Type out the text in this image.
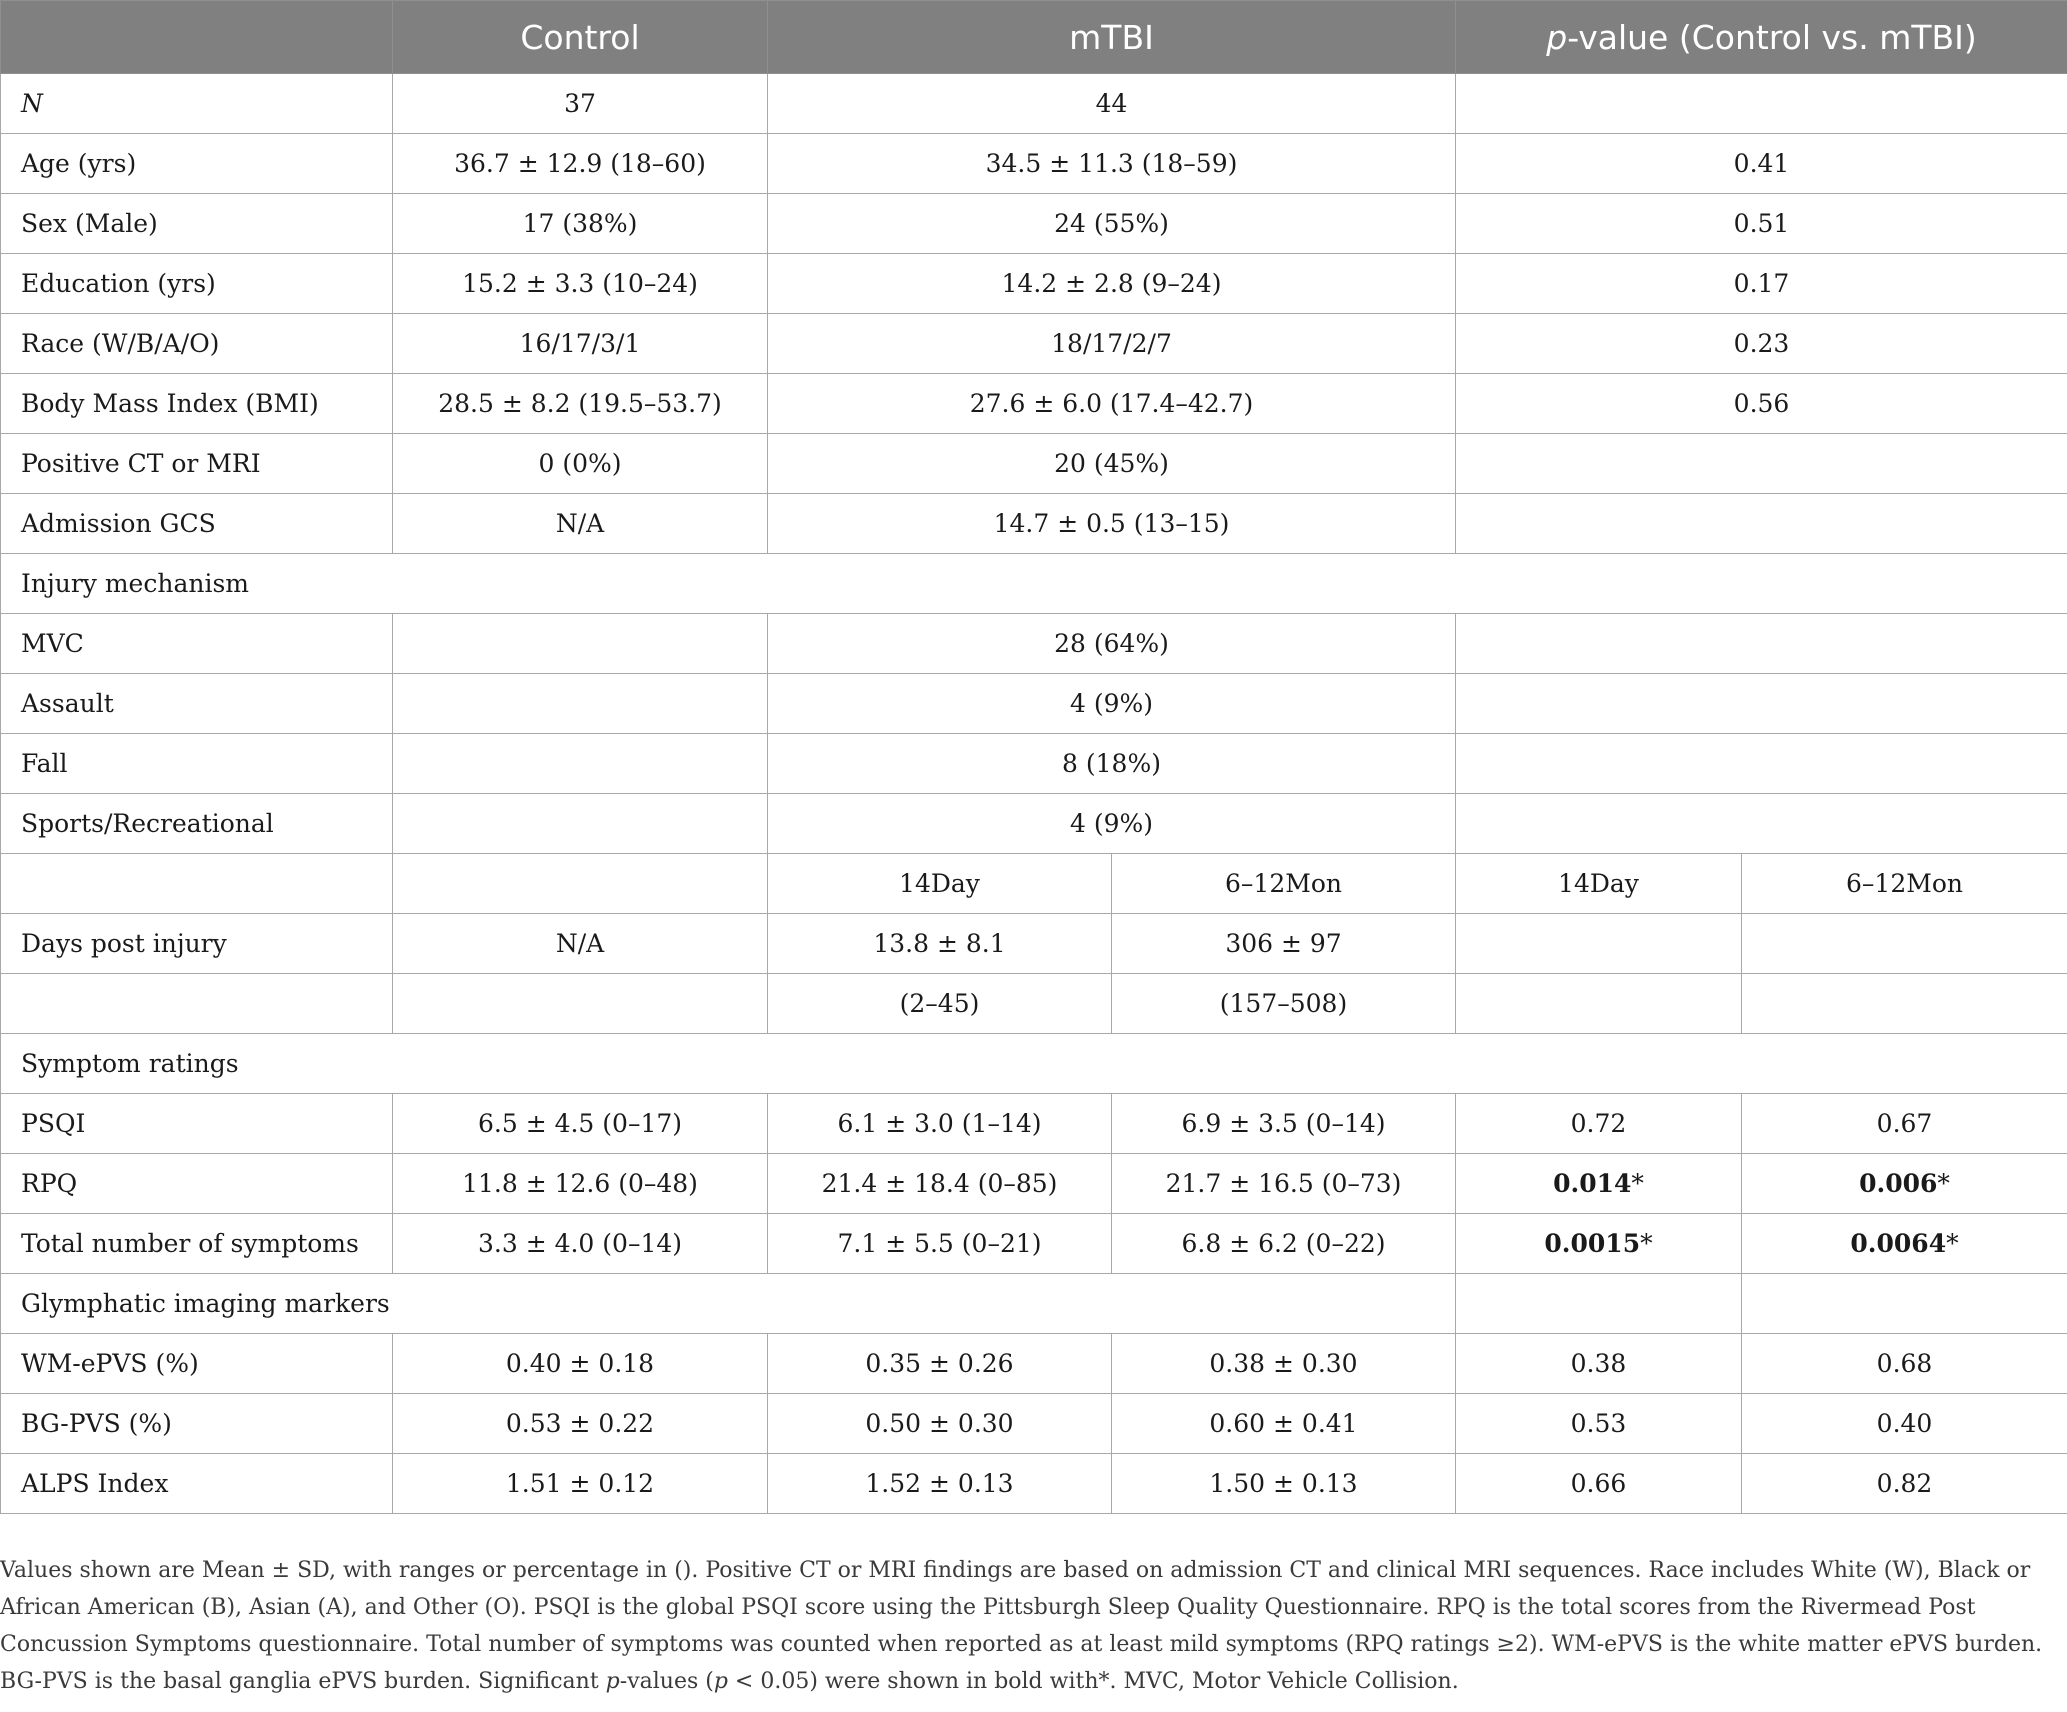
	Control	mTBI		p-value (Control vs. mTBI)	
N	37	44			
Age (yrs)	36.7 ± 12.9 (18–60)	34.5 ± 11.3 (18–59)		0.41	
Sex (Male)	17 (38%)	24 (55%)		0.51	
Education (yrs)	15.2 ± 3.3 (10–24)	14.2 ± 2.8 (9–24)		0.17	
Race (W/B/A/O)	16/17/3/1	18/17/2/7		0.23	
Body Mass Index (BMI)	28.5 ± 8.2 (19.5–53.7)	27.6 ± 6.0 (17.4–42.7)		0.56	
Positive CT or MRI	0 (0%)	20 (45%)			
Admission GCS	N/A	14.7 ± 0.5 (13–15)			
Injury mechanism					
MVC		28 (64%)			
Assault		4 (9%)			
Fall		8 (18%)			
Sports/Recreational		4 (9%)			
		14Day	6–12Mon	14Day	6–12Mon
Days post injury	N/A	13.8 ± 8.1	306 ± 97		
		(2–45)	(157–508)		
Symptom ratings					
PSQI	6.5 ± 4.5 (0–17)	6.1 ± 3.0 (1–14)	6.9 ± 3.5 (0–14)	0.72	0.67
RPQ	11.8 ± 12.6 (0–48)	21.4 ± 18.4 (0–85)	21.7 ± 16.5 (0–73)	0.014*	0.006*
Total number of symptoms	3.3 ± 4.0 (0–14)	7.1 ± 5.5 (0–21)	6.8 ± 6.2 (0–22)	0.0015*	0.0064*
Glymphatic imaging markers					
WM-ePVS (%)	0.40 ± 0.18	0.35 ± 0.26	0.38 ± 0.30	0.38	0.68
BG-PVS (%)	0.53 ± 0.22	0.50 ± 0.30	0.60 ± 0.41	0.53	0.40
ALPS Index	1.51 ± 0.12	1.52 ± 0.13	1.50 ± 0.13	0.66	0.82
Values shown are Mean ± SD, with ranges or percentage in (). Positive CT or MRI findings are based on admission CT and clinical MRI sequences. Race includes White (W), Black or African American (B), Asian (A), and Other (O). PSQI is the global PSQI score using the Pittsburgh Sleep Quality Questionnaire. RPQ is the total scores from the Rivermead Post Concussion Symptoms questionnaire. Total number of symptoms was counted when reported as at least mild symptoms (RPQ ratings ≥2). WM-ePVS is the white matter ePVS burden. BG-PVS is the basal ganglia ePVS burden. Significant p-values (p < 0.05) were shown in bold with*. MVC, Motor Vehicle Collision.
